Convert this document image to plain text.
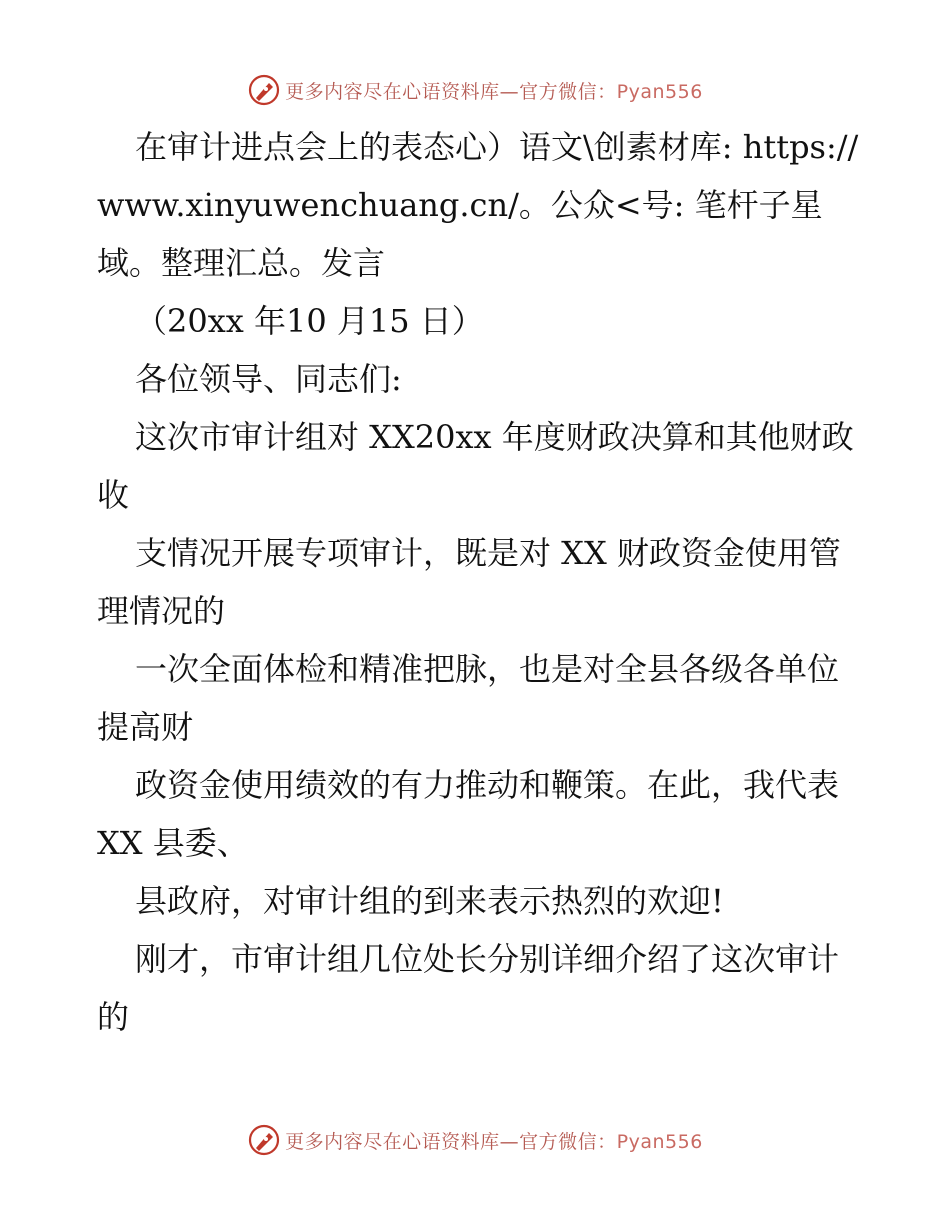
更多内容尽在心语资料库—官方微信：Pyan556

在审计进点会上的表态心）语文\创素材库: https://www.xinyuwenchuang.cn/。公众<号: 笔杆子星域。整理汇总。发言

（20xx 年10 月15 日）

各位领导、同志们:

这次市审计组对 XX20xx 年度财政决算和其他财政收

支情况开展专项审计，既是对 XX 财政资金使用管理情况的

一次全面体检和精准把脉，也是对全县各级各单位提高财

政资金使用绩效的有力推动和鞭策。在此，我代表 XX 县委、

县政府，对审计组的到来表示热烈的欢迎!

刚才，市审计组几位处长分别详细介绍了这次审计的

更多内容尽在心语资料库—官方微信：Pyan556
